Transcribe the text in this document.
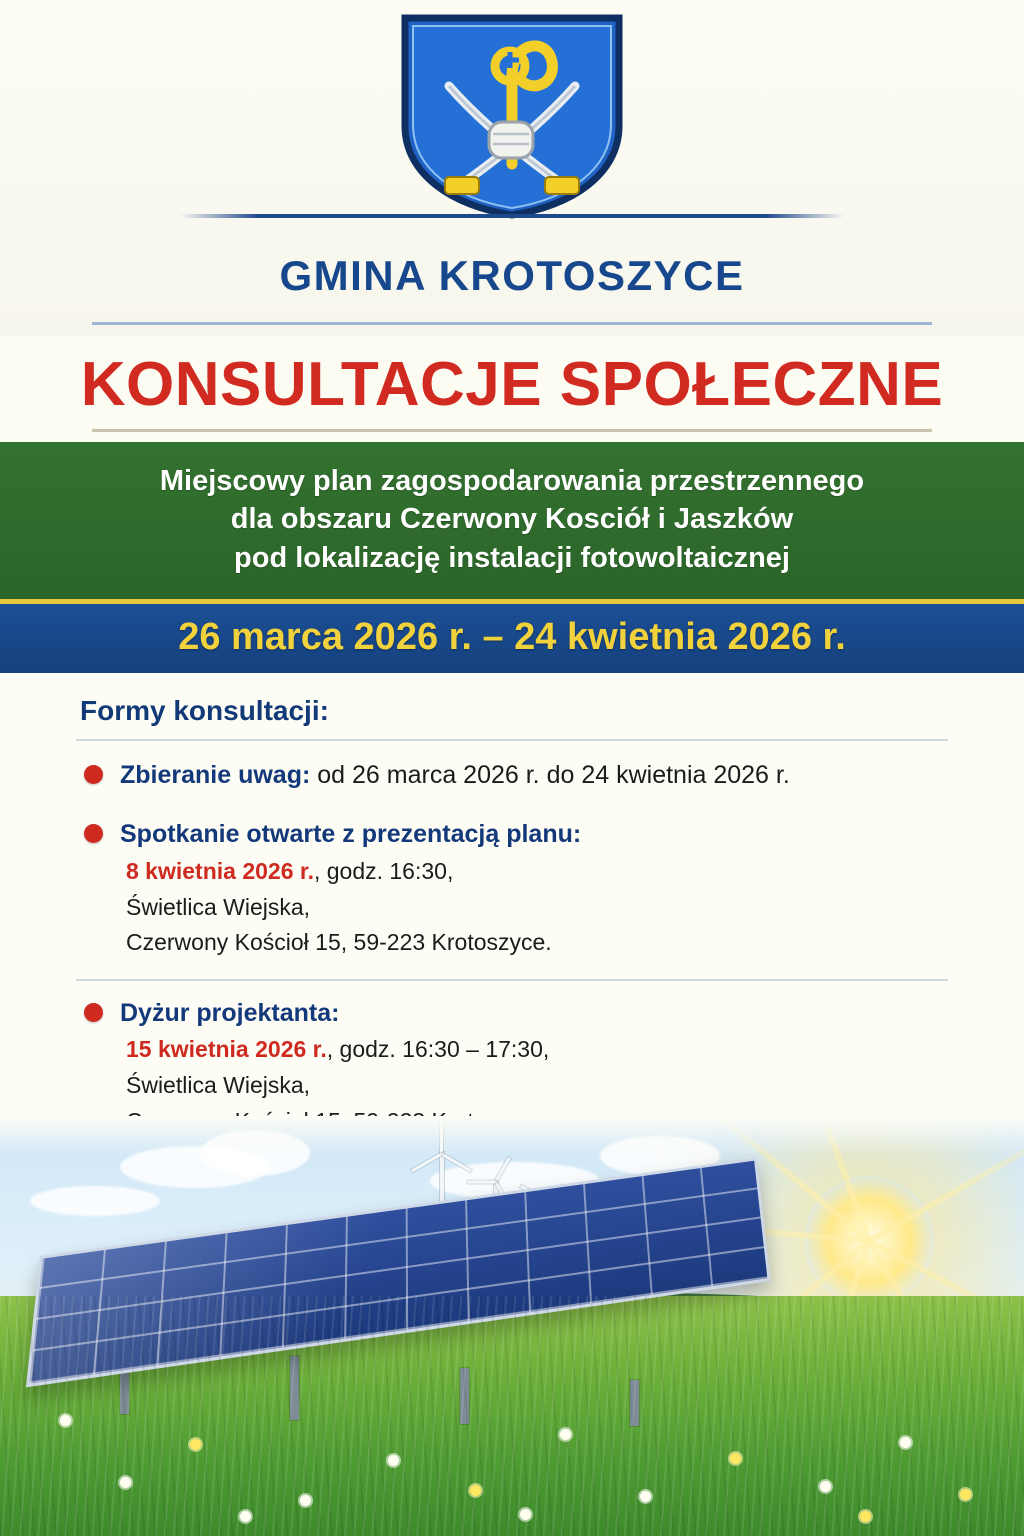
GMINA KROTOSZYCE
KONSULTACJE SPOŁECZNE
Miejscowy plan zagospodarowania przestrzennego
dla obszaru Czerwony Kosciół i Jaszków
pod lokalizację instalacji fotowoltaicznej
26 marca 2026 r. – 24 kwietnia 2026 r.
Formy konsultacji:
Zbieranie uwag: od 26 marca 2026 r. do 24 kwietnia 2026 r.
Spotkanie otwarte z prezentacją planu:
8 kwietnia 2026 r., godz. 16:30,
Świetlica Wiejska,
Czerwony Kościoł 15, 59-223 Krotoszyce.
Dyżur projektanta:
15 kwietnia 2026 r., godz. 16:30 – 17:30,
Świetlica Wiejska,
